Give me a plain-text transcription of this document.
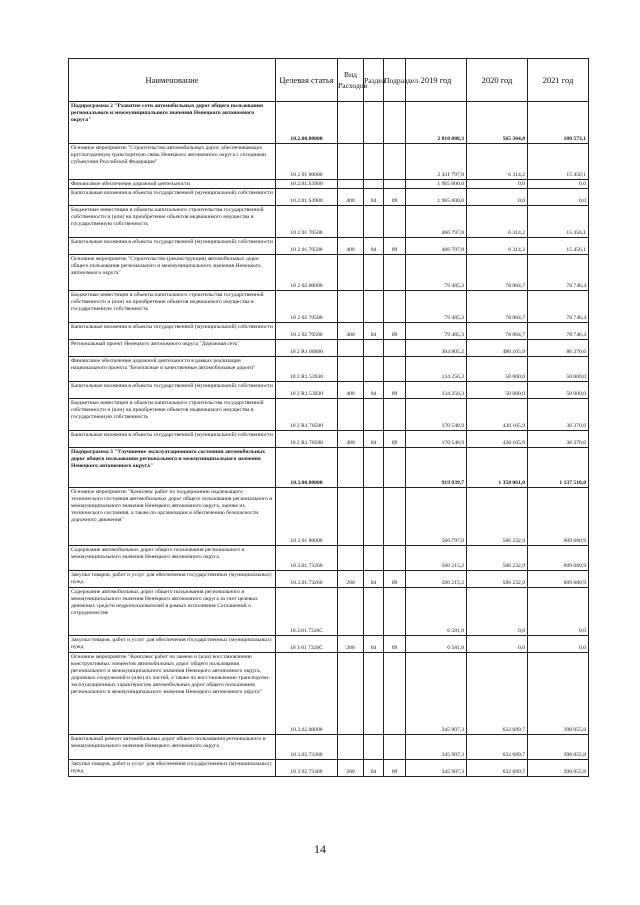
Наименование	Целевая статья	Вид Расходов	Раздел	Подраздел	2019 год	2020 год	2021 год
Подпрограмма 2 "Развитие сети автомобильных дорог общего пользования регионального и межмуниципального значения Ненецкого автономного округа"	10.2.00.00000				2 810 088,3	565 364,8	180 573,1
Основное мероприятие "Строительство автомобильных дорог, обеспечивающих круглогодичную транспортную связь Ненецкого автономного округа с соседними субъектами Российской Федерации"	10 2 01 00000				2 431 797,8	6 314,2	15 456,1
Финансовое обеспечение дорожной деятельности	10.2.01.S3900				1 965 000,0	0,0	0,0
Капитальные вложения в объекты государственной (муниципальной) собственности	10.2.01.S3900	400	04	09	1 965 000,0	0,0	0,0
Бюджетные инвестиции в объекты капитального строительства государственной собственности и (или) на приобретение объектов недвижимого имущества в государственную собственность	10 2 01 70500				466 797,8	6 314,2	15 456,1
Капитальные вложения в объекты государственной (муниципальной) собственности	10 2 01.70500	400	04	09	466 797,8	6 314,2	15 456,1
Основное мероприятие "Строительство (реконструкция) автомобильных дорог общего пользования регионального и межмуниципального значения Ненецкого автономного округа"	10 2 02.00000				79 485,3	78 884,7	78 746,4
Бюджетные инвестиции в объекты капитального строительства государственной собственности и (или) на приобретение объектов недвижимого имущества в государственную собственность	10 2 02 70500				79 485,3	78 884,7	78 746,4
Капитальные вложения в объекты государственной (муниципальной) собственности	10 2 02 70500	400	04	09	79 485,3	78 884,7	78 746,4
Региональный проект Ненецкого автономного округа "Дорожная сеть"	10 2 R1 00000				304 805,2	480 165,9	86 370,6
Финансовое обеспечение дорожной деятельности в рамках реализации национального проекта "Безопасные и качественные автомобильные дороги"	10 2 R1 53930				134 256,3	50 000,0	50 000,0
Капитальные вложения в объекты государственной (муниципальной) собственности	10 2 R1 53930	400	04	09	134 256,3	50 000,0	50 000,0
Бюджетные инвестиции в объекты капитального строительства государственной собственности и (или) на приобретение объектов недвижимого имущества в государственную собственность	10 2 R1 70500				170 548,9	430 165,9	36 370,6
Капитальные вложения в объекты государственной (муниципальной) собственности	10 2 R1 70500	400	04	09	170 548,9	430 165,9	36 370,6
Подпрограмма 3 "Улучшение эксплуатационного состояния автомобильных дорог общего пользования регионального и межмуниципального значения Ненецкого автономного округа"	10.3.00.00000				919 839,7	1 350 061,0	1 137 518,0
Основное мероприятие "Комплекс работ по поддержанию надлежащего технического состояния автомобильных дорог общего пользования регионального и межмуниципального значения Ненецкого автономного округа, оценке их технического состояния, а также по организации и обеспечению безопасности дорожного движения"	10 3 01 00000				566 797,0	586 232,9	609 680,9
Содержание автомобильных дорог общего пользования регионального и межмуниципального значения Ненецкого автономного округа	10.3.01.73260				560 215,2	586 232,9	609 680,9
Закупка товаров, работ и услуг для обеспечения государственных (муниципальных) нужд	10.3.01.73260	200	04	09	560 215,2	586 232,9	609 680,9
Содержание автомобильных дорог общего пользования регионального и межмуниципального значения Ненецкого автономного округа за счет целевых денежных средств недропользователей в рамках исполнения Соглашений о сотрудничестве	10.3.01.7326С				6 581,8	0,0	0,0
Закупка товаров, работ и услуг для обеспечения государственных (муниципальных) нужд	10 3 01 7326С	200	04	09	6 581,8	0,0	0,0
Основное мероприятие "Комплекс работ по замене и (или) восстановлению конструктивных элементов автомобильных дорог общего пользования регионального и межмуниципального значения Ненецкого автономного округа, дорожных сооружений и (или) их частей, а также по восстановлению транспортно-эксплуатационных характеристик автомобильных дорог общего пользования регионального и межмуниципального значения Ненецкого автономного округа"	10.3.02.00000				345 907,3	632 689,7	398 055,8
Капитальный ремонт автомобильных дорог общего пользования регионального и межмуниципального значения Ненецкого автономного округа	10.3.02.73360				345 907,3	632 689,7	398 055,8
Закупка товаров, работ и услуг для обеспечения государственных (муниципальных) нужд	10 3 02 73360	200	04	09	345 907,3	632 689,7	398 055,8
14
